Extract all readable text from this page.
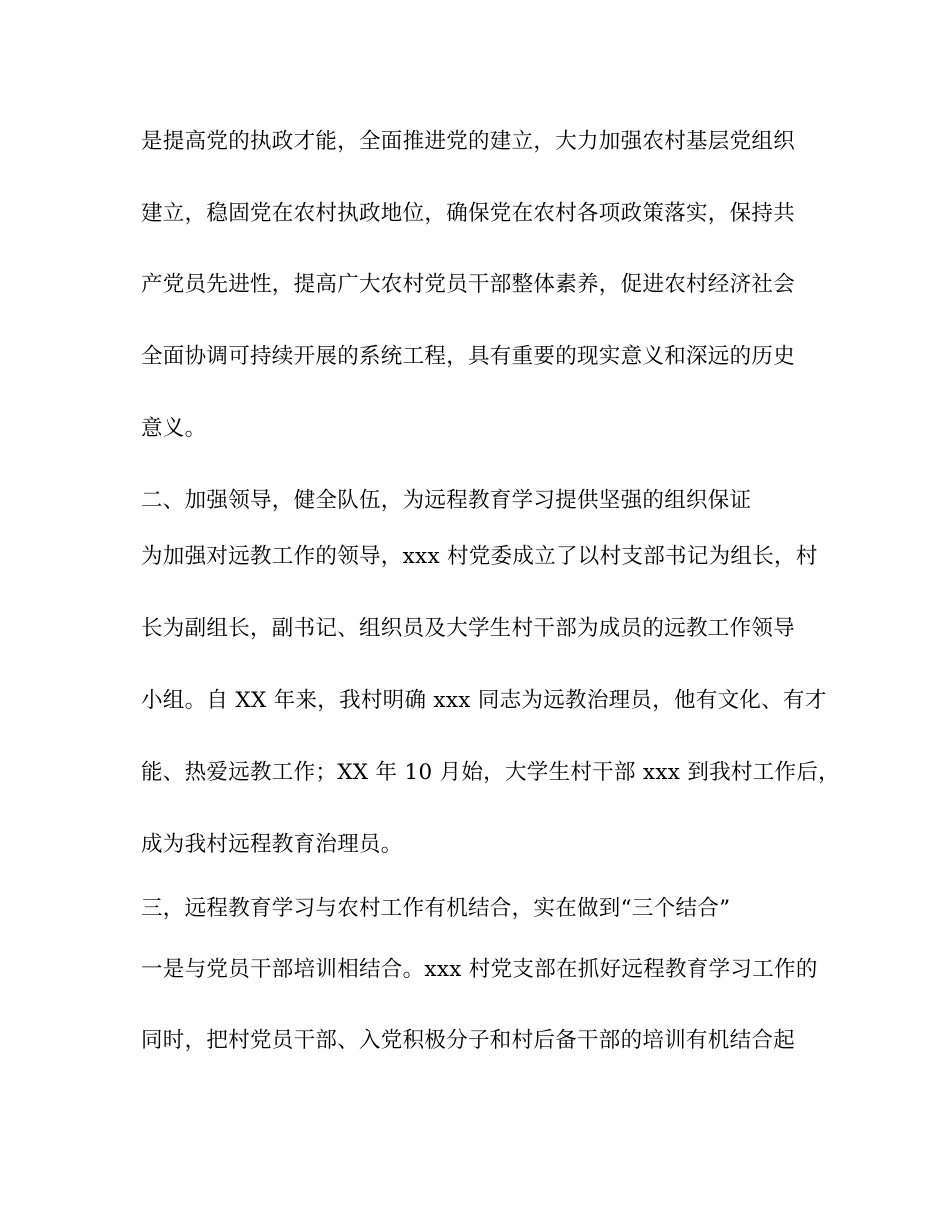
是提高党的执政才能，全面推进党的建立，大力加强农村基层党组织

建立，稳固党在农村执政地位，确保党在农村各项政策落实，保持共

产党员先进性，提高广大农村党员干部整体素养，促进农村经济社会

全面协调可持续开展的系统工程，具有重要的现实意义和深远的历史

意义。

二、加强领导，健全队伍，为远程教育学习提供坚强的组织保证

为加强对远教工作的领导，xxx 村党委成立了以村支部书记为组长，村

长为副组长，副书记、组织员及大学生村干部为成员的远教工作领导

小组。自 XX 年来，我村明确 xxx 同志为远教治理员，他有文化、有才

能、热爱远教工作；XX 年 10 月始，大学生村干部 xxx 到我村工作后，

成为我村远程教育治理员。

三，远程教育学习与农村工作有机结合，实在做到“三个结合”

一是与党员干部培训相结合。xxx 村党支部在抓好远程教育学习工作的

同时，把村党员干部、入党积极分子和村后备干部的培训有机结合起
